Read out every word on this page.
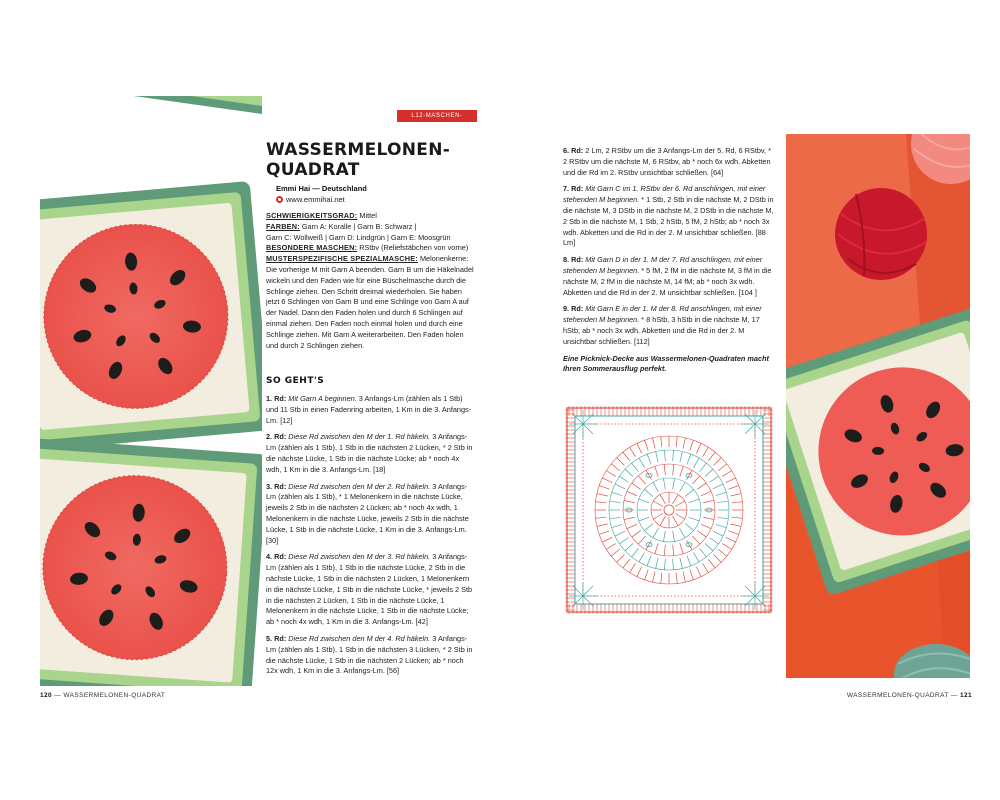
L12-MASCHEN-QUADRAT
WASSERMELONEN-
QUADRAT
Emmi Hai — Deutschland
www.emmihai.net

SCHWIERIGKEITSGRAD: Mittel

FARBEN: Garn A: Koralle | Garn B: Schwarz |

Garn C: Wollweiß | Garn D: Lindgrün | Garn E: Moosgrün

BESONDERE MASCHEN: RStbv (Reliefstäbchen von vorne)

MUSTERSPEZIFISCHE SPEZIALMASCHE: Melonenkerne: Die vorherige M mit Garn A beenden. Garn B um die Häkelnadel wickeln und den Faden wie für eine Büschelmasche durch die Schlinge ziehen. Den Schritt dreimal wiederholen. Sie haben jetzt 6 Schlingen von Garn B und eine Schlinge von Garn A auf der Nadel. Dann den Faden holen und durch 6 Schlingen auf einmal ziehen. Den Faden noch einmal holen und durch eine Schlinge ziehen. Mit Garn A weiterarbeiten. Den Faden holen und durch 2 Schlingen ziehen.

SO GEHT'S

1. Rd: Mit Garn A beginnen. 3 Anfangs-Lm (zählen als 1 Stb) und 11 Stb in einen Fadenring arbeiten, 1 Km in die 3. Anfangs-Lm. [12]

2. Rd: Diese Rd zwischen den M der 1. Rd häkeln. 3 Anfangs-Lm (zählen als 1 Stb), 1 Stb in die nächsten 2 Lücken, * 2 Stb in die nächste Lücke, 1 Stb in die nächste Lücke; ab * noch 4x wdh, 1 Km in die 3. Anfangs-Lm. [18]

3. Rd: Diese Rd zwischen den M der 2. Rd häkeln. 3 Anfangs-Lm (zählen als 1 Stb), * 1 Melonenkern in die nächste Lücke, jeweils 2 Stb in die nächsten 2 Lücken; ab * noch 4x wdh, 1 Melonenkern in die nächste Lücke, jeweils 2 Stb in die nächste Lücke, 1 Stb in die nächste Lücke, 1 Km in die 3. Anfangs-Lm. [30]

4. Rd: Diese Rd zwischen den M der 3. Rd häkeln. 3 Anfangs-Lm (zählen als 1 Stb), 1 Stb in die nächste Lücke, 2 Stb in die nächste Lücke, 1 Stb in die nächsten 2 Lücken, 1 Melonenkern in die nächste Lücke, 1 Stb in die nächste Lücke, * jeweils 2 Stb in die nächsten 2 Lücken, 1 Stb in die nächste Lücke, 1 Melonenkern in die nächste Lücke, 1 Stb in die nächste Lücke; ab * noch 4x wdh, 1 Km in die 3. Anfangs-Lm. [42]

5. Rd: Diese Rd zwischen den M der 4. Rd häkeln. 3 Anfangs-Lm (zählen als 1 Stb), 1 Stb in die nächsten 3 Lücken, * 2 Stb in die nächste Lücke, 1 Stb in die nächsten 2 Lücken; ab * noch 12x wdh, 1 Km in die 3. Anfangs-Lm. [56]

6. Rd: 2 Lm, 2 RStbv um die 3 Anfangs-Lm der 5. Rd, 6 RStbv, * 2 RStbv um die nächste M, 6 RStbv, ab * noch 6x wdh. Abketten und die Rd im 2. RStbv unsichtbar schließen. [64]

7. Rd: Mit Garn C im 1. RStbv der 6. Rd anschlingen, mit einer stehenden M beginnen. * 1 Stb, 2 Stb in die nächste M, 2 DStb in die nächste M, 3 DStb in die nächste M, 2 DStb in die nächste M, 2 Stb in die nächste M, 1 Stb, 2 hStb, 5 fM, 2 hStb; ab * noch 3x wdh. Abketten und die Rd in der 2. M unsichtbar schließen. [88 Lm]

8. Rd: Mit Garn D in der 1. M der 7. Rd anschlingen, mit einer stehenden M beginnen. * 5 fM, 2 fM in die nächste M, 3 fM in die nächste M, 2 fM in die nächste M, 14 fM; ab * noch 3x wdh. Abketten und die Rd in der 2. M unsichtbar schließen. [104 ]

9. Rd: Mit Garn E in der 1. M der 8. Rd anschlingen, mit einer stehenden M beginnen. * 8 hStb, 3 hStb in die nächste M, 17 hStb; ab * noch 3x wdh. Abketten und die Rd in der 2. M unsichtbar schließen. [112]

Eine Picknick-Decke aus Wassermelonen-Quadraten macht Ihren Sommerausflug perfekt.

120 — WASSERMELONEN-QUADRAT	WASSERMELONEN-QUADRAT — 121
